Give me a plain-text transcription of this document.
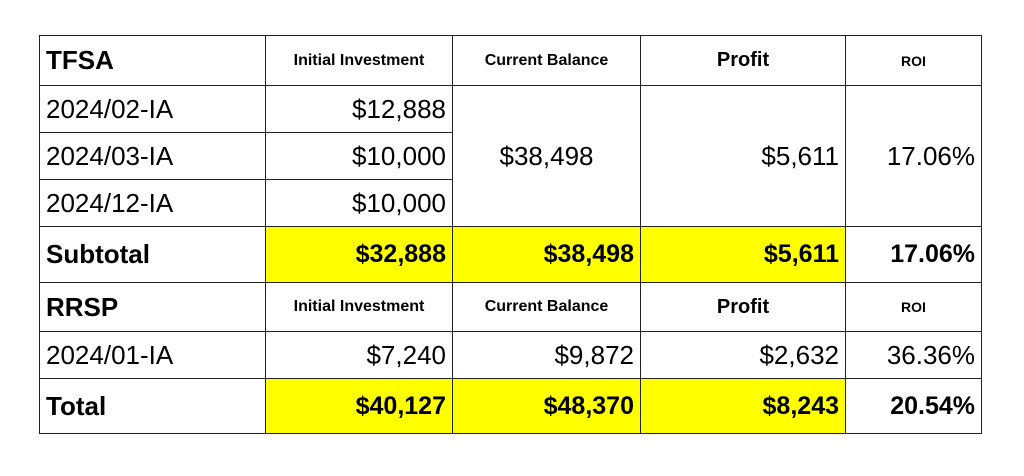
TFSA	Initial Investment	Current Balance	Profit	ROI
2024/02-IA	$12,888	$38,498	$5,611	17.06%
2024/03-IA	$10,000			
2024/12-IA	$10,000			
Subtotal	$32,888	$38,498	$5,611	17.06%
RRSP	Initial Investment	Current Balance	Profit	ROI
2024/01-IA	$7,240	$9,872	$2,632	36.36%
Total	$40,127	$48,370	$8,243	20.54%
